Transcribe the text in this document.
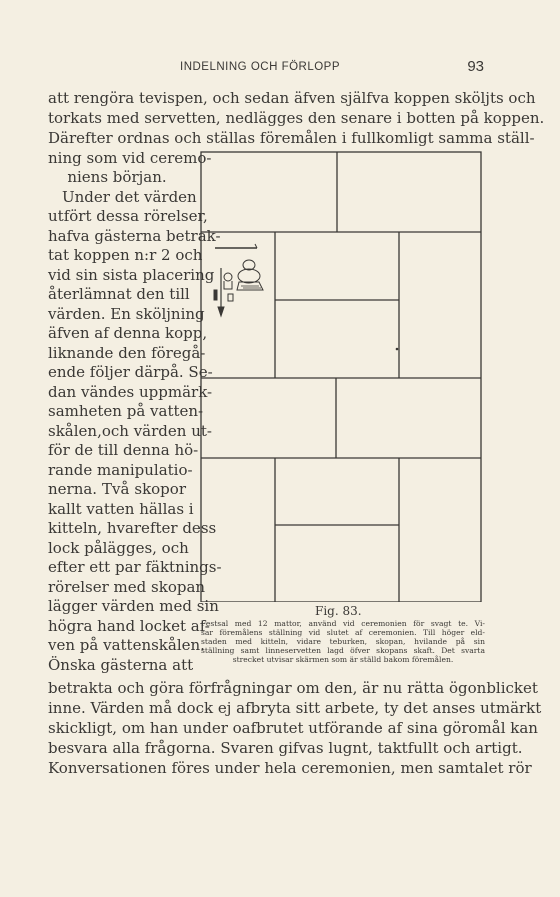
INDELNING OCH FÖRLOPP	93
att rengöra tevispen, och sedan äfven själfva koppen sköljts och
torkats med servetten, nedlägges den senare i botten på koppen.
Därefter ordnas och ställas föremålen i fullkomligt samma ställ-
ning som vid ceremo-
niens början.
Under det värden
utfört dessa rörelser,
hafva gästerna betrak-
tat koppen n:r 2 och
vid sin sista placering
återlämnat den till
värden. En sköljning
äfven af denna kopp,
liknande den föregå-
ende följer därpå. Se-
dan vändes uppmärk-
samheten på vatten-
skålen,och värden ut-
för de till denna hö-
rande manipulatio-
nerna. Två skopor
kallt vatten hällas i
kitteln, hvarefter dess
lock pålägges, och
efter ett par fäktnings-
rörelser med skopan
lägger värden med sin
högra hand locket af-
ven på vattenskålen.
Önska gästerna att
Fig. 83.
Festsal med 12 mattor, använd vid ceremonien för svagt te. Vi-
sar föremålens ställning vid slutet af ceremonien. Till höger eld-
staden med kitteln, vidare teburken, skopan, hvilande på sin
ställning samt linneservetten lagd öfver skopans skaft. Det svarta
strecket utvisar skärmen som är ställd bakom föremålen.
betrakta och göra förfrågningar om den, är nu rätta ögonblicket
inne. Värden må dock ej afbryta sitt arbete, ty det anses utmärkt
skickligt, om han under oafbrutet utförande af sina göromål kan
besvara alla frågorna. Svaren gifvas lugnt, taktfullt och artigt.
Konversationen föres under hela ceremonien, men samtalet rör
